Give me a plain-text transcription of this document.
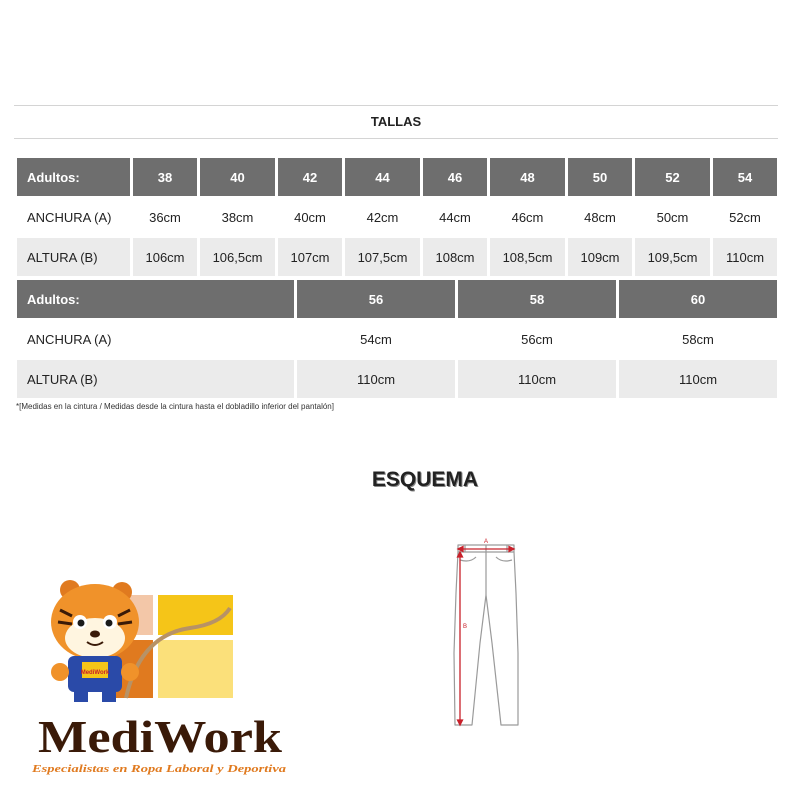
TALLAS
Adultos:	38	40	42	44	46	48	50	52	54
ANCHURA (A)	36cm	38cm	40cm	42cm	44cm	46cm	48cm	50cm	52cm
ALTURA (B)	106cm	106,5cm	107cm	107,5cm	108cm	108,5cm	109cm	109,5cm	110cm
Adultos:	56	58	60
ANCHURA (A)	54cm	56cm	58cm
ALTURA (B)	110cm	110cm	110cm
*[Medidas en la cintura / Medidas desde la cintura hasta el dobladillo inferior del pantalón]
ESQUEMA
A
B
MediWork
MediWork
Especialistas en Ropa Laboral y Deportiva
